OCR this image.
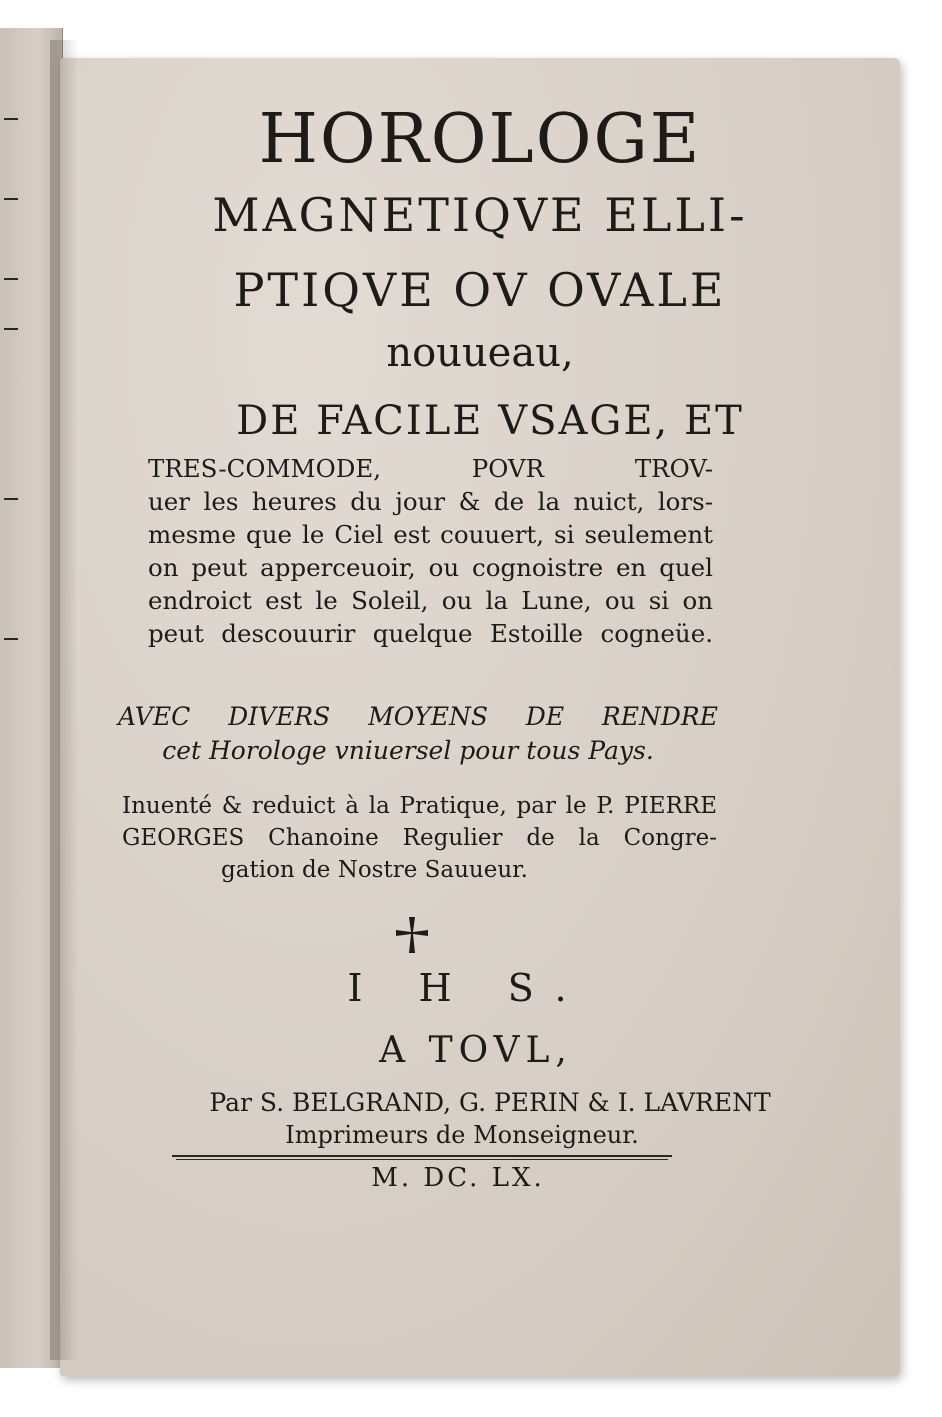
HOROLOGE
MAGNETIQVE ELLI-
PTIQVE OV OVALE
nouueau,
DE FACILE VSAGE, ET
TRES-COMMODE, POVR TROV-
uer les heures du jour & de la nuict, lors-
mesme que le Ciel est couuert, si seulement
on peut apperceuoir, ou cognoistre en quel
endroict est le Soleil, ou la Lune, ou si on
peut descouurir quelque Estoille cogneüe.
AVEC DIVERS MOYENS DE RENDRE
cet Horologe vniuersel pour tous Pays.
Inuenté & reduict à la Pratique, par le P. PIERRE
GEORGES Chanoine Regulier de la Congre-
gation de Nostre Sauueur.
I H S.
A TOVL,
Par S. BELGRAND, G. PERIN & I. LAVRENT
Imprimeurs de Monseigneur.
M. DC. LX.
